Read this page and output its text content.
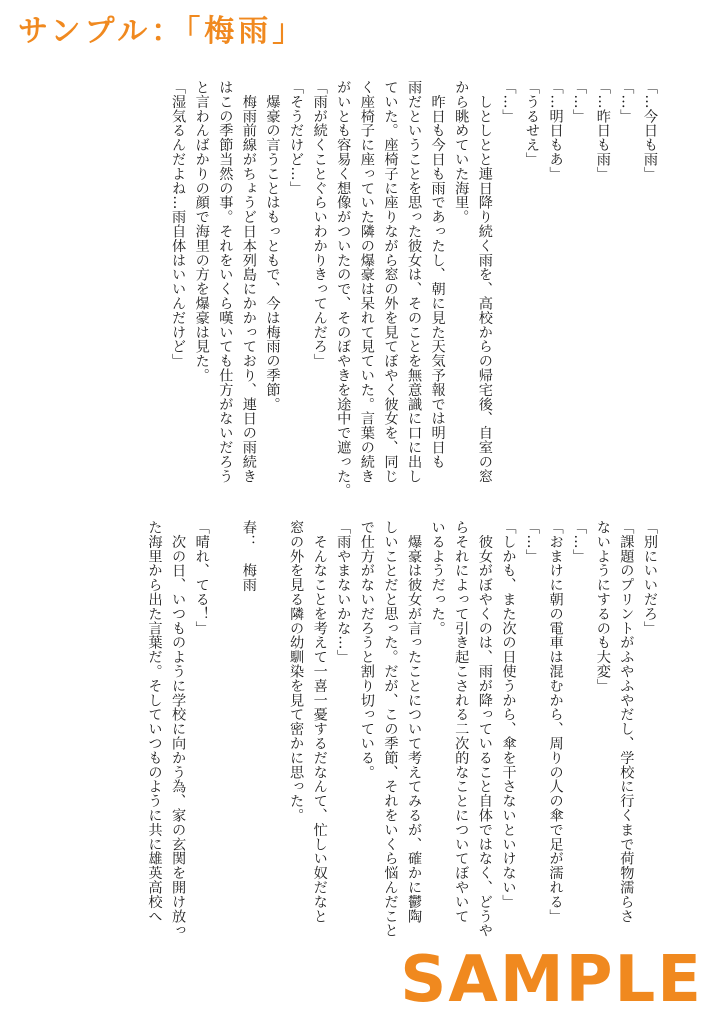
サンプル：「梅雨」

「…今日も雨」

「…」

「…昨日も雨」

「…」

「…明日もあ」

「うるせえ」

「…」

　しとしとと連日降り続く雨を、高校からの帰宅後、自室の窓

から眺めていた海里。

　昨日も今日も雨であったし、朝に見た天気予報では明日も

雨だということを思った彼女は、そのことを無意識に口に出し

ていた。座椅子に座りながら窓の外を見てぼやく彼女を、同じ

く座椅子に座っていた隣の爆豪は呆れて見ていた。言葉の続き

がいとも容易く想像がついたので、そのぼやきを途中で遮った。

「雨が続くことぐらいわかりきってんだろ」

「そうだけど…」

　爆豪の言うことはもっともで、今は梅雨の季節。

　梅雨前線がちょうど日本列島にかかっており、連日の雨続き

はこの季節当然の事。それをいくら嘆いても仕方がないだろう

と言わんばかりの顔で海里の方を爆豪は見た。

「湿気るんだよね…雨自体はいいんだけど」

「別にいいだろ」

「課題のプリントがふやふやだし、学校に行くまで荷物濡らさ

ないようにするのも大変」

「…」

「おまけに朝の電車は混むから、周りの人の傘で足が濡れる」

「…」

「しかも、また次の日使うから、傘を干さないといけない」

　彼女がぼやくのは、雨が降っていること自体ではなく、どうや

らそれによって引き起こされる二次的なことについてぼやいて

いるようだった。

　爆豪は彼女が言ったことについて考えてみるが、確かに鬱陶

しいことだと思った。だが、この季節、それをいくら悩んだこと

で仕方がないだろうと割り切っている。

「雨やまないかな…」

　そんなことを考えて一喜一憂するだなんて、忙しい奴だなと

窓の外を見る隣の幼馴染を見て密かに思った。

春：　梅雨

「晴れ、てる！」

　次の日、いつものように学校に向かう為、家の玄関を開け放っ

た海里から出た言葉だ。そしていつものように共に雄英高校へ

SAMPLE
